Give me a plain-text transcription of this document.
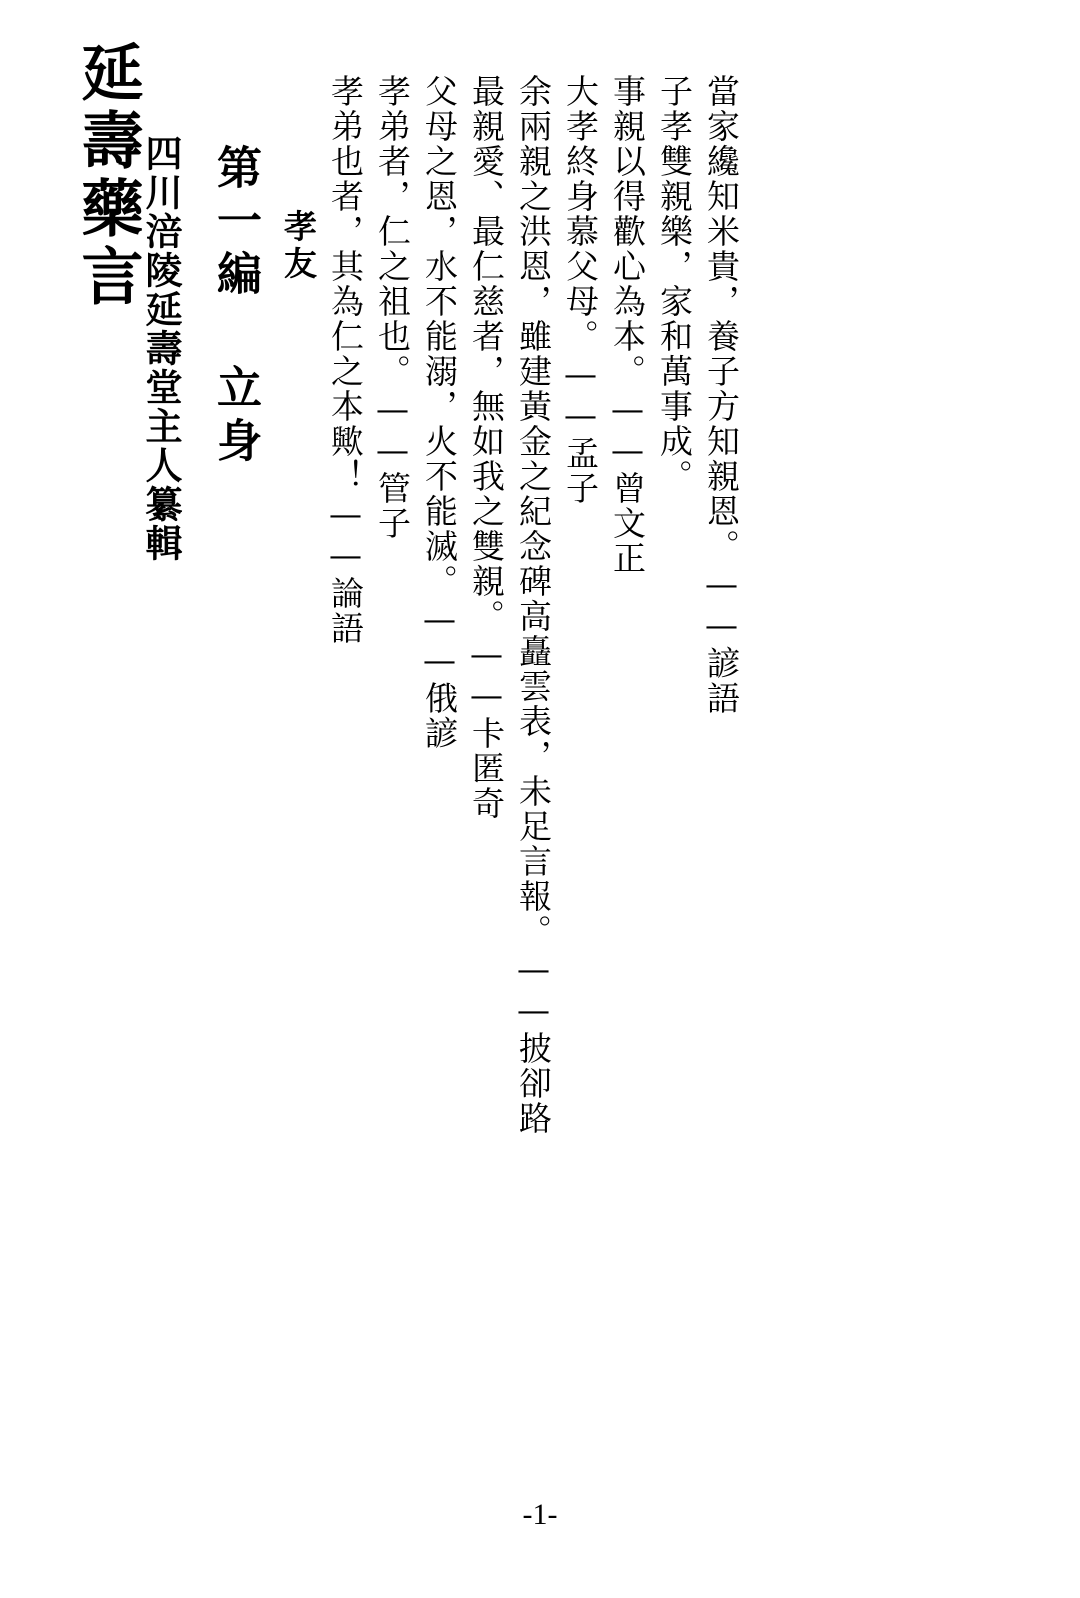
延壽藥言
四川涪陵延壽堂主人纂輯 第一編 立身 孝友 孝弟也者，其為仁之本歟！——論語 孝弟者，仁之祖也。——管子 父母之恩，水不能溺，火不能滅。——俄諺 最親愛、最仁慈者，無如我之雙親。——卡匿奇 余兩親之洪恩，雖建黃金之紀念碑高矗雲表，未足言報。——披卻路 大孝終身慕父母。——孟子 事親以得歡心為本。——曾文正 子孝雙親樂，家和萬事成。 當家纔知米貴，養子方知親恩。——諺語
-1-
